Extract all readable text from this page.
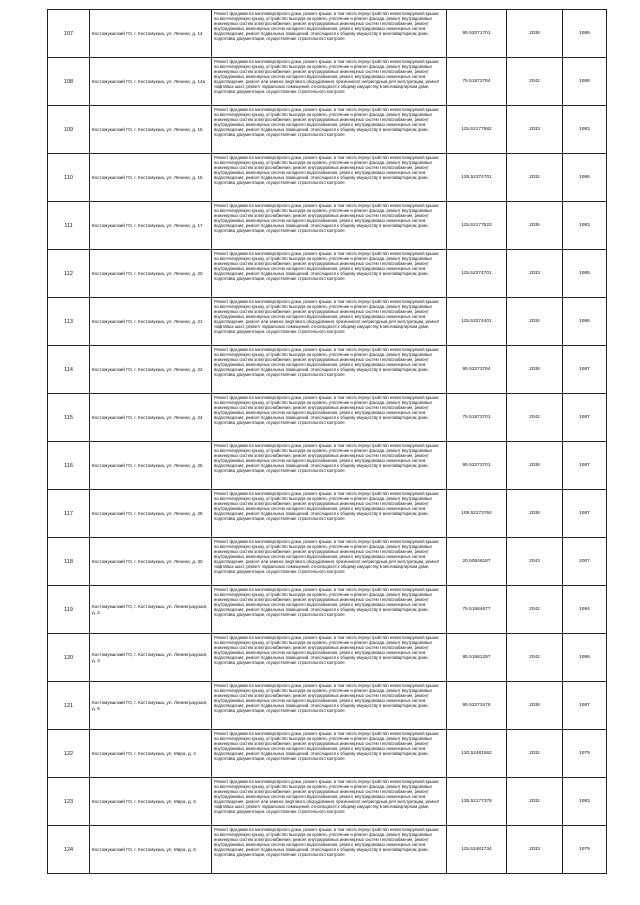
107	Костомукшский ГО, г. Костомукша, ул. Ленина, д. 14	Ремонт фундамента многоквартирного дома, ремонт крыши, в том числе переустройство невентилируемой крыши на вентилируемую крышу, устройство выходов на кровлю, утепление и ремонт фасада, ремонт внутридомовых инженерных систем электроснабжения, ремонт внутридомовых инженерных систем теплоснабжения, ремонт внутридомовых инженерных систем холодного водоснабжения, ремонт внутридомовых инженерных систем водоотведения, ремонт подвальных помещений, относящихся к общему имуществу в многоквартирном доме, подготовка документации, осуществление строительного контроля	95.52071701	2038	1989
108	Костомукшский ГО, г. Костомукша, ул. Ленина, д. 14а	Ремонт фундамента многоквартирного дома, ремонт крыши, в том числе переустройство невентилируемой крыши на вентилируемую крышу, устройство выходов на кровлю, утепление и ремонт фасада, ремонт внутридомовых инженерных систем электроснабжения, ремонт внутридомовых инженерных систем теплоснабжения, ремонт внутридомовых инженерных систем холодного водоснабжения, ремонт внутридомовых инженерных систем водоотведения, ремонт или замена лифтового оборудования, признанного непригодным для эксплуатации, ремонт лифтовых шахт, ремонт подвальных помещений, относящихся к общему имуществу в многоквартирном доме, подготовка документации, осуществление строительного контроля	75.51872764	2042	1988
109	Костомукшский ГО, г. Костомукша, ул. Ленина, д. 15	Ремонт фундамента многоквартирного дома, ремонт крыши, в том числе переустройство невентилируемой крыши на вентилируемую крышу, устройство выходов на кровлю, утепление и ремонт фасада, ремонт внутридомовых инженерных систем электроснабжения, ремонт внутридомовых инженерных систем теплоснабжения, ремонт внутридомовых инженерных систем холодного водоснабжения, ремонт внутридомовых инженерных систем водоотведения, ремонт подвальных помещений, относящихся к общему имуществу в многоквартирном доме, подготовка документации, осуществление строительного контроля	115.52177582	2033	1983
110	Костомукшский ГО, г. Костомукша, ул. Ленина, д. 16	Ремонт фундамента многоквартирного дома, ремонт крыши, в том числе переустройство невентилируемой крыши на вентилируемую крышу, устройство выходов на кровлю, утепление и ремонт фасада, ремонт внутридомовых инженерных систем электроснабжения, ремонт внутридомовых инженерных систем теплоснабжения, ремонт внутридомовых инженерных систем холодного водоснабжения, ремонт внутридомовых инженерных систем водоотведения, ремонт подвальных помещений, относящихся к общему имуществу в многоквартирном доме, подготовка документации, осуществление строительного контроля	125.52374701	2032	1986
111	Костомукшский ГО, г. Костомукша, ул. Ленина, д. 17	Ремонт фундамента многоквартирного дома, ремонт крыши, в том числе переустройство невентилируемой крыши на вентилируемую крышу, устройство выходов на кровлю, утепление и ремонт фасада, ремонт внутридомовых инженерных систем электроснабжения, ремонт внутридомовых инженерных систем теплоснабжения, ремонт внутридомовых инженерных систем холодного водоснабжения, ремонт внутридомовых инженерных систем водоотведения, ремонт подвальных помещений, относящихся к общему имуществу в многоквартирном доме, подготовка документации, осуществление строительного контроля	115.52177523	2035	1983
112	Костомукшский ГО, г. Костомукша, ул. Ленина, д. 20	Ремонт фундамента многоквартирного дома, ремонт крыши, в том числе переустройство невентилируемой крыши на вентилируемую крышу, устройство выходов на кровлю, утепление и ремонт фасада, ремонт внутридомовых инженерных систем электроснабжения, ремонт внутридомовых инженерных систем теплоснабжения, ремонт внутридомовых инженерных систем холодного водоснабжения, ремонт внутридомовых инженерных систем водоотведения, ремонт подвальных помещений, относящихся к общему имуществу в многоквартирном доме, подготовка документации, осуществление строительного контроля	115.52374701	2033	1985
113	Костомукшский ГО, г. Костомукша, ул. Ленина, д. 21	Ремонт фундамента многоквартирного дома, ремонт крыши, в том числе переустройство невентилируемой крыши на вентилируемую крышу, устройство выходов на кровлю, утепление и ремонт фасада, ремонт внутридомовых инженерных систем электроснабжения, ремонт внутридомовых инженерных систем теплоснабжения, ремонт внутридомовых инженерных систем холодного водоснабжения, ремонт внутридомовых инженерных систем водоотведения, ремонт или замена лифтового оборудования, признанного непригодным для эксплуатации, ремонт лифтовых шахт, ремонт подвальных помещений, относящихся к общему имуществу в многоквартирном доме, подготовка документации, осуществление строительного контроля	115.52074401	2034	1986
114	Костомукшский ГО, г. Костомукша, ул. Ленина, д. 22	Ремонт фундамента многоквартирного дома, ремонт крыши, в том числе переустройство невентилируемой крыши на вентилируемую крышу, устройство выходов на кровлю, утепление и ремонт фасада, ремонт внутридомовых инженерных систем электроснабжения, ремонт внутридомовых инженерных систем теплоснабжения, ремонт внутридомовых инженерных систем холодного водоснабжения, ремонт внутридомовых инженерных систем водоотведения, ремонт подвальных помещений, относящихся к общему имуществу в многоквартирном доме, подготовка документации, осуществление строительного контроля	95.52273764	2038	1987
115	Костомукшский ГО, г. Костомукша, ул. Ленина, д. 24	Ремонт фундамента многоквартирного дома, ремонт крыши, в том числе переустройство невентилируемой крыши на вентилируемую крышу, устройство выходов на кровлю, утепление и ремонт фасада, ремонт внутридомовых инженерных систем электроснабжения, ремонт внутридомовых инженерных систем теплоснабжения, ремонт внутридомовых инженерных систем холодного водоснабжения, ремонт внутридомовых инженерных систем водоотведения, ремонт подвальных помещений, относящихся к общему имуществу в многоквартирном доме, подготовка документации, осуществление строительного контроля	75.51873701	2042	1987
116	Костомукшский ГО, г. Костомукша, ул. Ленина, д. 26	Ремонт фундамента многоквартирного дома, ремонт крыши, в том числе переустройство невентилируемой крыши на вентилируемую крышу, устройство выходов на кровлю, утепление и ремонт фасада, ремонт внутридомовых инженерных систем электроснабжения, ремонт внутридомовых инженерных систем теплоснабжения, ремонт внутридомовых инженерных систем холодного водоснабжения, ремонт внутридомовых инженерных систем водоотведения, ремонт подвальных помещений, относящихся к общему имуществу в многоквартирном доме, подготовка документации, осуществление строительного контроля	95.52273701	2038	1987
117	Костомукшский ГО, г. Костомукша, ул. Ленина, д. 28	Ремонт фундамента многоквартирного дома, ремонт крыши, в том числе переустройство невентилируемой крыши на вентилируемую крышу, устройство выходов на кровлю, утепление и ремонт фасада, ремонт внутридомовых инженерных систем электроснабжения, ремонт внутридомовых инженерных систем теплоснабжения, ремонт внутридомовых инженерных систем холодного водоснабжения, ремонт внутридомовых инженерных систем водоотведения, ремонт подвальных помещений, относящихся к общему имуществу в многоквартирном доме, подготовка документации, осуществление строительного контроля	105.52273764	2038	1987
118	Костомукшский ГО, г. Костомукша, ул. Ленина, д. 30	Ремонт фундамента многоквартирного дома, ремонт крыши, в том числе переустройство невентилируемой крыши на вентилируемую крышу, устройство выходов на кровлю, утепление и ремонт фасада, ремонт внутридомовых инженерных систем электроснабжения, ремонт внутридомовых инженерных систем теплоснабжения, ремонт внутридомовых инженерных систем холодного водоснабжения, ремонт внутридомовых инженерных систем водоотведения, ремонт или замена лифтового оборудования, признанного непригодным для эксплуатации, ремонт лифтовых шахт, ремонт подвальных помещений, относящихся к общему имуществу в многоквартирном доме, подготовка документации, осуществление строительного контроля	20.50546187	2043	2007
119	Костомукшский ГО, г. Костомукша, ул. Ленинградская, д. 2	Ремонт фундамента многоквартирного дома, ремонт крыши, в том числе переустройство невентилируемой крыши на вентилируемую крышу, устройство выходов на кровлю, утепление и ремонт фасада, ремонт внутридомовых инженерных систем электроснабжения, ремонт внутридомовых инженерных систем теплоснабжения, ремонт внутридомовых инженерных систем холодного водоснабжения, ремонт внутридомовых инженерных систем водоотведения, ремонт подвальных помещений, относящихся к общему имуществу в многоквартирном доме, подготовка документации, осуществление строительного контроля	75.51664677	2042	1994
120	Костомукшский ГО, г. Костомукша, ул. Ленинградская, д. 4	Ремонт фундамента многоквартирного дома, ремонт крыши, в том числе переустройство невентилируемой крыши на вентилируемую крышу, устройство выходов на кровлю, утепление и ремонт фасада, ремонт внутридомовых инженерных систем электроснабжения, ремонт внутридомовых инженерных систем теплоснабжения, ремонт внутридомовых инженерных систем холодного водоснабжения, ремонт внутридомовых инженерных систем водоотведения, ремонт подвальных помещений, относящихся к общему имуществу в многоквартирном доме, подготовка документации, осуществление строительного контроля	85.51661297	2042	1995
121	Костомукшский ГО, г. Костомукша, ул. Ленинградская, д. 6	Ремонт фундамента многоквартирного дома, ремонт крыши, в том числе переустройство невентилируемой крыши на вентилируемую крышу, устройство выходов на кровлю, утепление и ремонт фасада, ремонт внутридомовых инженерных систем электроснабжения, ремонт внутридомовых инженерных систем теплоснабжения, ремонт внутридомовых инженерных систем холодного водоснабжения, ремонт внутридомовых инженерных систем водоотведения, ремонт подвальных помещений, относящихся к общему имуществу в многоквартирном доме, подготовка документации, осуществление строительного контроля	95.52273476	2038	1987
122	Костомукшский ГО, г. Костомукша, ул. Мира, д. 4	Ремонт фундамента многоквартирного дома, ремонт крыши, в том числе переустройство невентилируемой крыши на вентилируемую крышу, устройство выходов на кровлю, утепление и ремонт фасада, ремонт внутридомовых инженерных систем электроснабжения, ремонт внутридомовых инженерных систем теплоснабжения, ремонт внутридомовых инженерных систем холодного водоснабжения, ремонт внутридомовых инженерных систем водоотведения, ремонт подвальных помещений, относящихся к общему имуществу в многоквартирном доме, подготовка документации, осуществление строительного контроля	120.52481562	2032	1979
123	Костомукшский ГО, г. Костомукша, ул. Мира, д. 5	Ремонт фундамента многоквартирного дома, ремонт крыши, в том числе переустройство невентилируемой крыши на вентилируемую крышу, устройство выходов на кровлю, утепление и ремонт фасада, ремонт внутридомовых инженерных систем электроснабжения, ремонт внутридомовых инженерных систем теплоснабжения, ремонт внутридомовых инженерных систем холодного водоснабжения, ремонт внутридомовых инженерных систем водоотведения, ремонт или замена лифтового оборудования, признанного непригодным для эксплуатации, ремонт лифтовых шахт, ремонт подвальных помещений, относящихся к общему имуществу в многоквартирном доме, подготовка документации, осуществление строительного контроля	135.52177376	2032	1983
124	Костомукшский ГО, г. Костомукша, ул. Мира, д. 6	Ремонт фундамента многоквартирного дома, ремонт крыши, в том числе переустройство невентилируемой крыши на вентилируемую крышу, устройство выходов на кровлю, утепление и ремонт фасада, ремонт внутридомовых инженерных систем электроснабжения, ремонт внутридомовых инженерных систем теплоснабжения, ремонт внутридомовых инженерных систем холодного водоснабжения, ремонт внутридомовых инженерных систем водоотведения, ремонт подвальных помещений, относящихся к общему имуществу в многоквартирном доме, подготовка документации, осуществление строительного контроля	115.52481734	2033	1979
